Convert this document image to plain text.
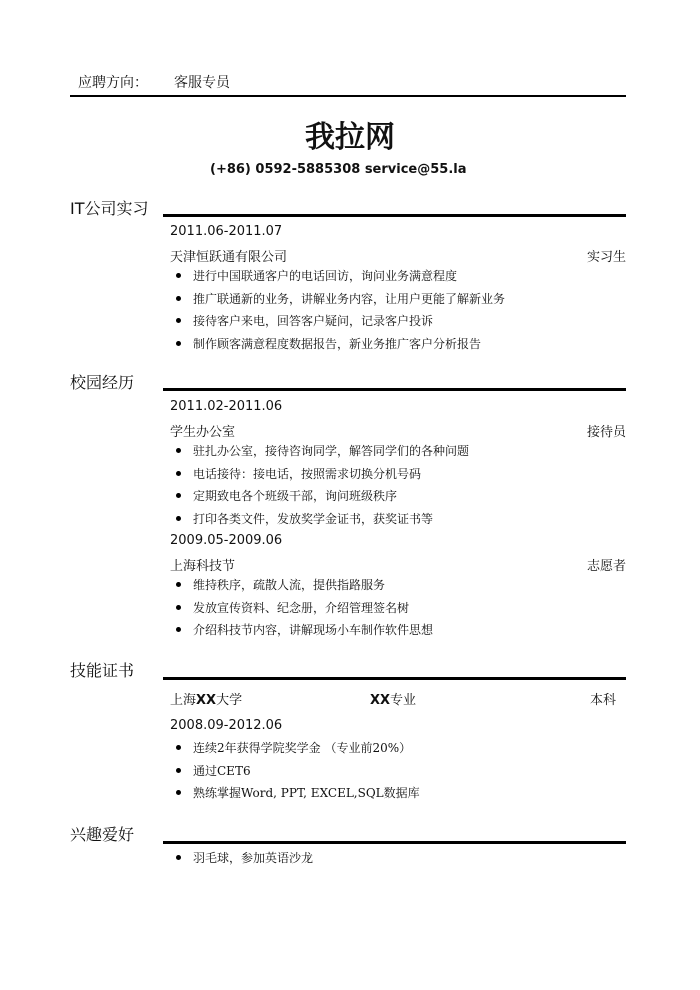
应聘方向： 客服专员
我拉网
(+86) 0592-5885308 service@55.la
IT公司实习
2011.06-2011.07
天津恒跃通有限公司	实习生
进行中国联通客户的电话回访，询问业务满意程度
推广联通新的业务，讲解业务内容，让用户更能了解新业务
接待客户来电，回答客户疑问，记录客户投诉
制作顾客满意程度数据报告，新业务推广客户分析报告
校园经历
2011.02-2011.06
学生办公室	接待员
驻扎办公室，接待咨询同学，解答同学们的各种问题
电话接待：接电话，按照需求切换分机号码
定期致电各个班级干部，询问班级秩序
打印各类文件，发放奖学金证书，获奖证书等
2009.05-2009.06
上海科技节	志愿者
维持秩序，疏散人流，提供指路服务
发放宣传资料、纪念册，介绍管理签名树
介绍科技节内容，讲解现场小车制作软件思想
技能证书
上海XX大学	XX专业	本科
2008.09-2012.06
连续2年获得学院奖学金 （专业前20%）
通过CET6
熟练掌握Word, PPT, EXCEL,SQL数据库
兴趣爱好
羽毛球，参加英语沙龙
